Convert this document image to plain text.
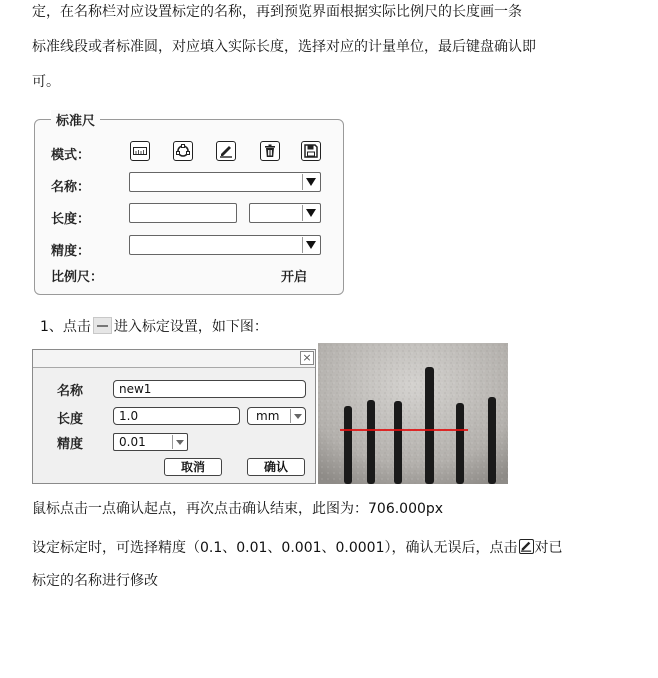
定，在名称栏对应设置标定的名称，再到预览界面根据实际比例尺的长度画一条
标准线段或者标准圆，对应填入实际长度，选择对应的计量单位，最后键盘确认即
可。
标准尺
模式：
名称：
长度：
精度：
比例尺：	开启
1、点击 进入标定设置，如下图：
×
名称	new1
长度	1.0	mm
精度	0.01
取消	确认
鼠标点击一点确认起点，再次点击确认结束，此图为：706.000px
设定标定时，可选择精度（0.1、0.01、0.001、0.0001），确认无误后，点击 对已
标定的名称进行修改
